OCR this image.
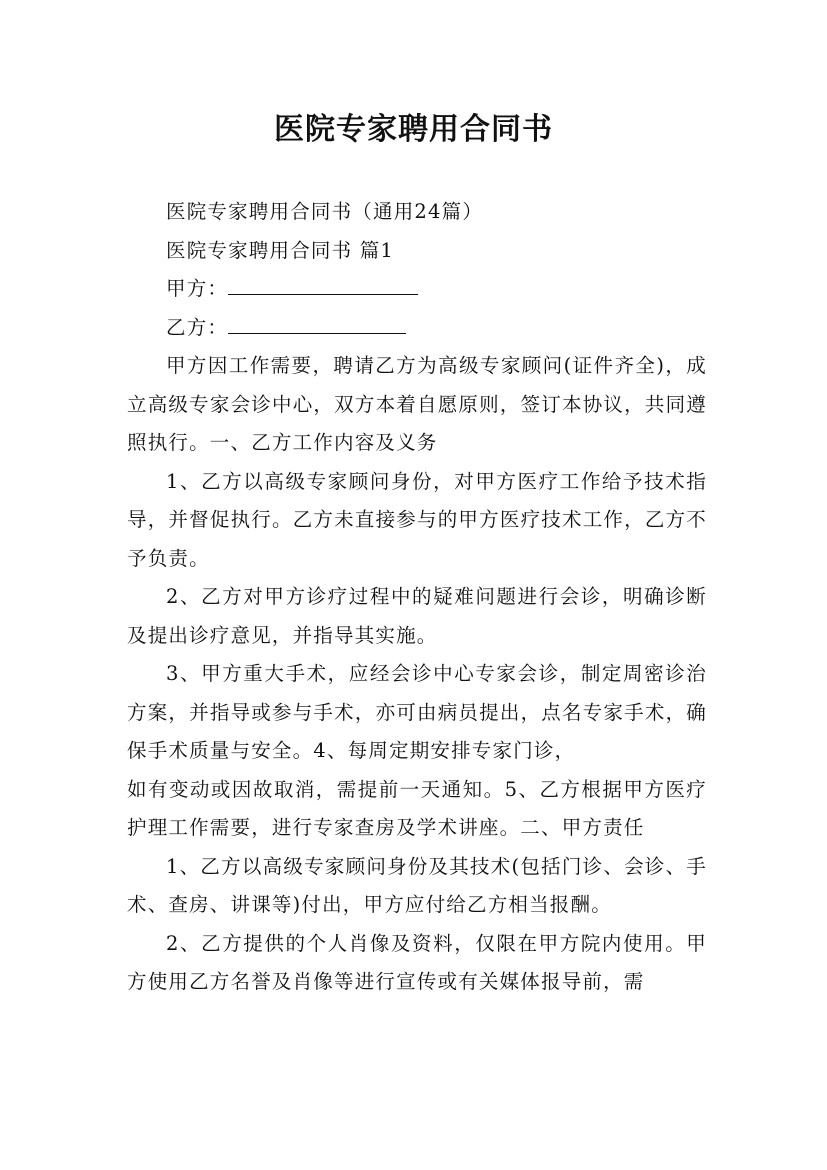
医院专家聘用合同书

医院专家聘用合同书（通用24篇）

医院专家聘用合同书 篇1

甲方：

乙方：

甲方因工作需要，聘请乙方为高级专家顾问(证件齐全)，成立高级专家会诊中心，双方本着自愿原则，签订本协议，共同遵照执行。一、乙方工作内容及义务

1、乙方以高级专家顾问身份，对甲方医疗工作给予技术指导，并督促执行。乙方未直接参与的甲方医疗技术工作，乙方不予负责。

2、乙方对甲方诊疗过程中的疑难问题进行会诊，明确诊断及提出诊疗意见，并指导其实施。

3、甲方重大手术，应经会诊中心专家会诊，制定周密诊治方案，并指导或参与手术，亦可由病员提出，点名专家手术，确保手术质量与安全。4、每周定期安排专家门诊，
如有变动或因故取消，需提前一天通知。5、乙方根据甲方医疗护理工作需要，进行专家查房及学术讲座。二、甲方责任

1、乙方以高级专家顾问身份及其技术(包括门诊、会诊、手术、查房、讲课等)付出，甲方应付给乙方相当报酬。

2、乙方提供的个人肖像及资料，仅限在甲方院内使用。甲方使用乙方名誉及肖像等进行宣传或有关媒体报导前，需
